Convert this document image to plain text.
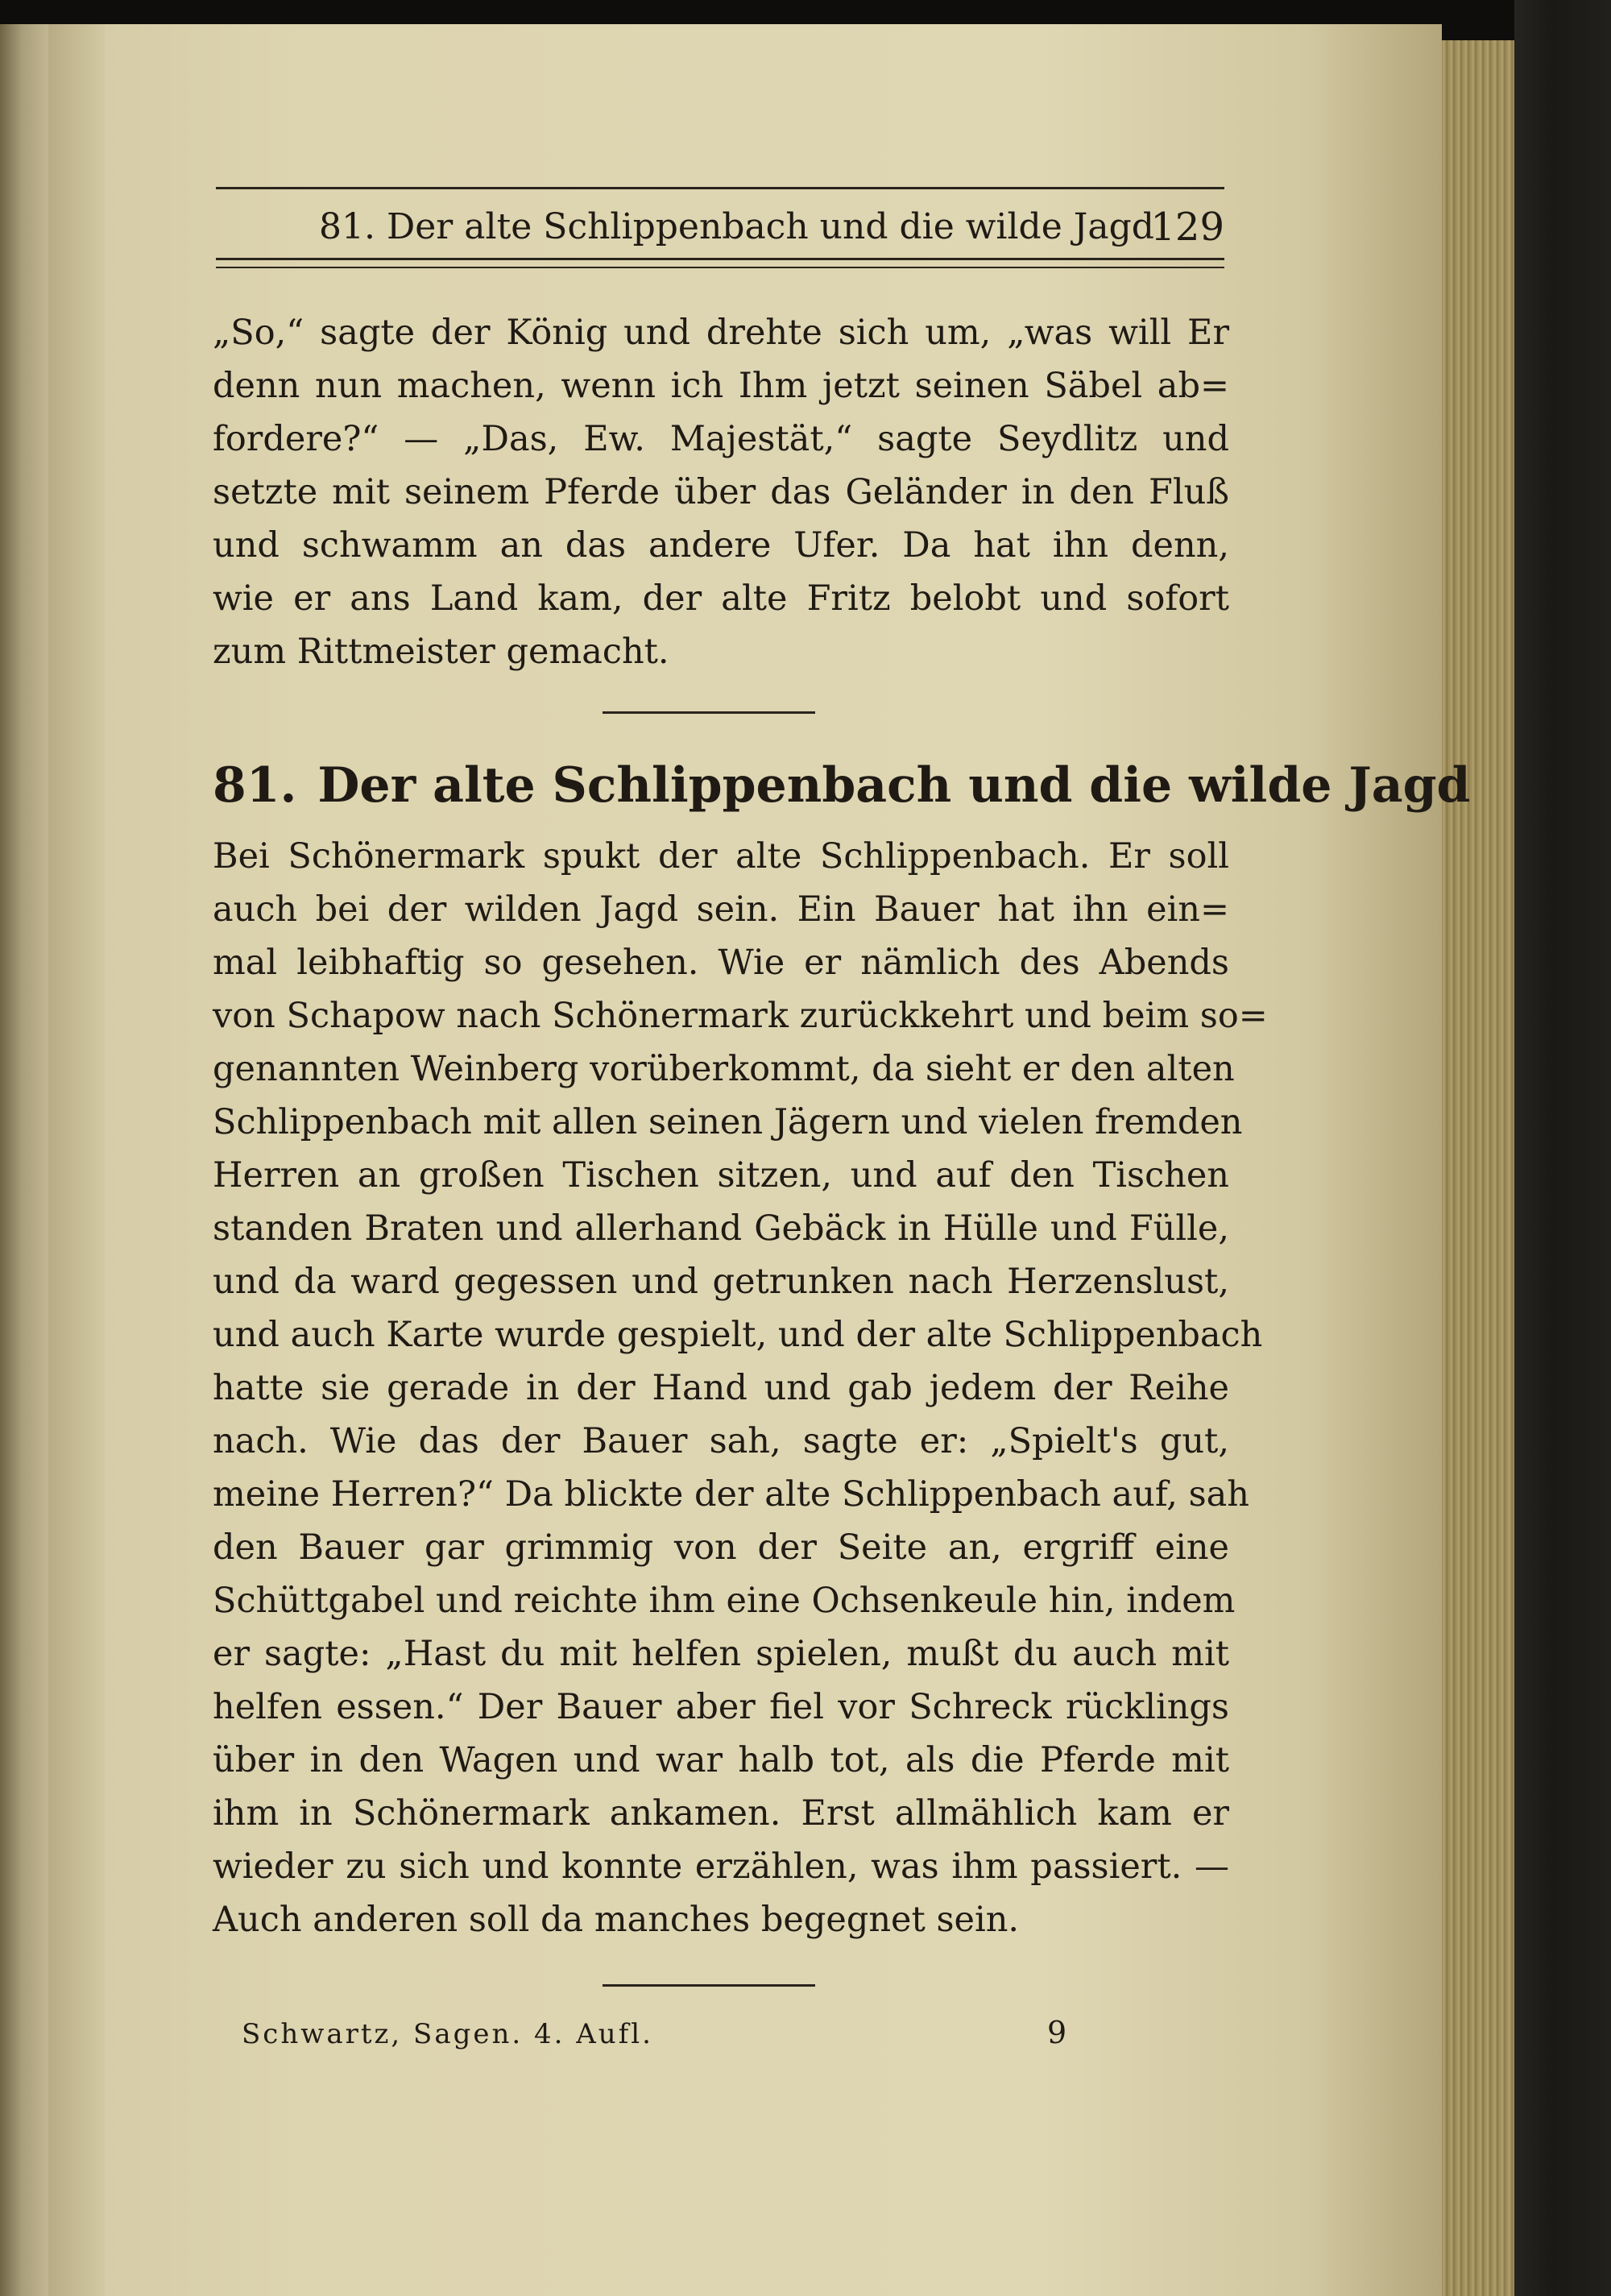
81. Der alte Schlippenbach und die wilde Jagd
129
„So,“ sagte der König und drehte sich um, „was will Er
denn nun machen, wenn ich Ihm jetzt seinen Säbel ab=
fordere?“ — „Das, Ew. Majestät,“ sagte Seydlitz und
setzte mit seinem Pferde über das Geländer in den Fluß
und schwamm an das andere Ufer. Da hat ihn denn,
wie er ans Land kam, der alte Fritz belobt und sofort
zum Rittmeister gemacht.
81. Der alte Schlippenbach und die wilde Jagd
Bei Schönermark spukt der alte Schlippenbach. Er soll
auch bei der wilden Jagd sein. Ein Bauer hat ihn ein=
mal leibhaftig so gesehen. Wie er nämlich des Abends
von Schapow nach Schönermark zurückkehrt und beim so=
genannten Weinberg vorüberkommt, da sieht er den alten
Schlippenbach mit allen seinen Jägern und vielen fremden
Herren an großen Tischen sitzen, und auf den Tischen
standen Braten und allerhand Gebäck in Hülle und Fülle,
und da ward gegessen und getrunken nach Herzenslust,
und auch Karte wurde gespielt, und der alte Schlippenbach
hatte sie gerade in der Hand und gab jedem der Reihe
nach. Wie das der Bauer sah, sagte er: „Spielt's gut,
meine Herren?“ Da blickte der alte Schlippenbach auf, sah
den Bauer gar grimmig von der Seite an, ergriff eine
Schüttgabel und reichte ihm eine Ochsenkeule hin, indem
er sagte: „Hast du mit helfen spielen, mußt du auch mit
helfen essen.“ Der Bauer aber fiel vor Schreck rücklings
über in den Wagen und war halb tot, als die Pferde mit
ihm in Schönermark ankamen. Erst allmählich kam er
wieder zu sich und konnte erzählen, was ihm passiert. —
Auch anderen soll da manches begegnet sein.
Schwartz, Sagen. 4. Aufl.	9
